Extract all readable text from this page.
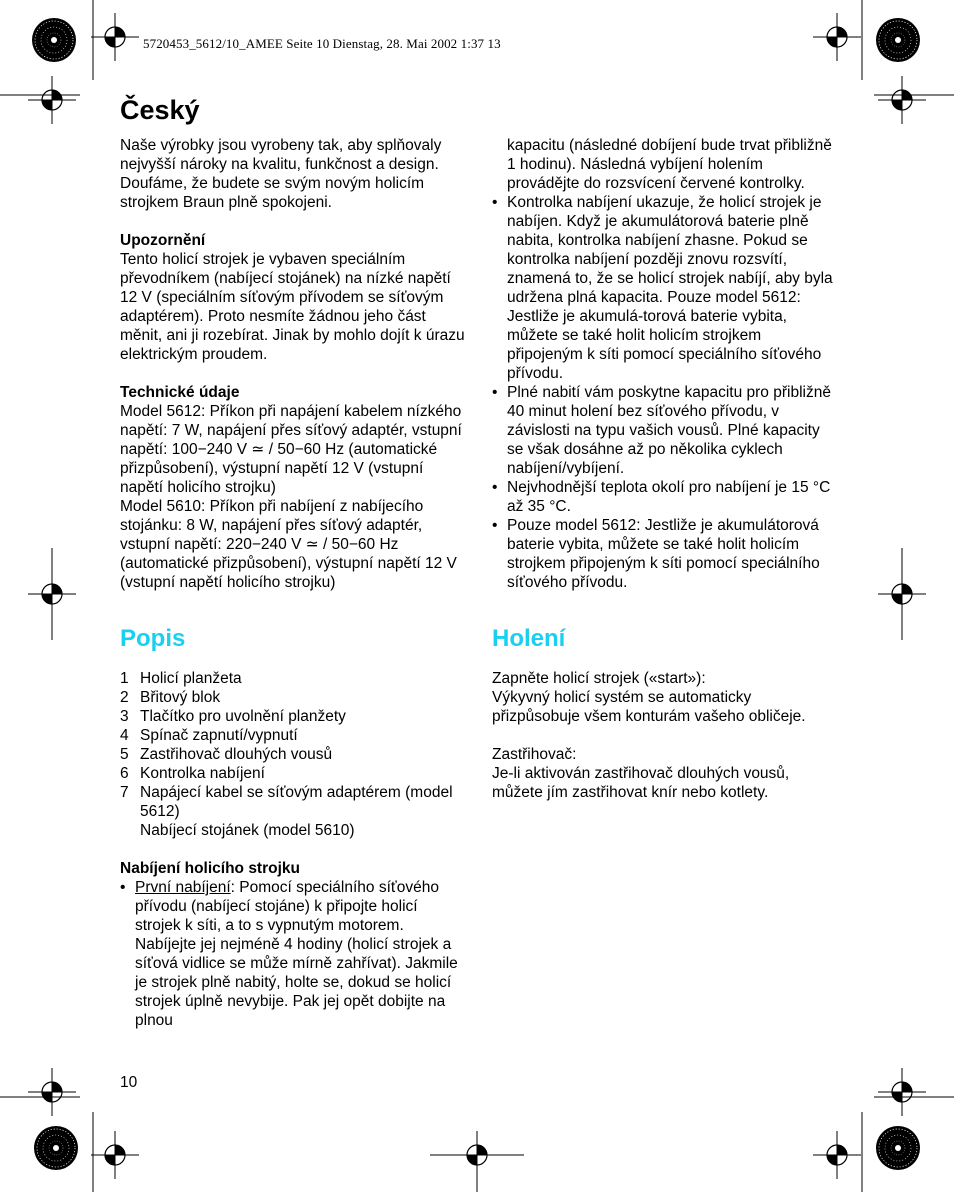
5720453_5612/10_AMEE Seite 10 Dienstag, 28. Mai 2002 1:37 13
Český

Naše výrobky jsou vyrobeny tak, aby splňovaly nejvyšší nároky na kvalitu, funkčnost a design. Doufáme, že budete se svým novým holicím strojkem Braun plně spokojeni.

Upozornění

Tento holicí strojek je vybaven speciálním převodníkem (nabíjecí stojánek) na nízké napětí 12 V (speciálním síťovým přívodem se síťovým adaptérem). Proto nesmíte žádnou jeho část měnit, ani ji rozebírat. Jinak by mohlo dojít k úrazu elektrickým proudem.

Technické údaje

Model 5612: Příkon při napájení kabelem nízkého napětí: 7 W, napájení přes síťový adaptér, vstupní napětí: 100−240 V ≃ / 50−60 Hz (automatické přizpůsobení), výstupní napětí 12 V (vstupní napětí holicího strojku)

Model 5610: Příkon při nabíjení z nabíjecího stojánku: 8 W, napájení přes síťový adaptér, vstupní napětí: 220−240 V ≃ / 50−60 Hz (automatické přizpůsobení), výstupní napětí 12 V (vstupní napětí holicího strojku)

Popis

1 Holicí planžeta
2 Břitový blok
3 Tlačítko pro uvolnění planžety
4 Spínač zapnutí/vypnutí
5 Zastřihovač dlouhých vousů
6 Kontrolka nabíjení
7 Napájecí kabel se síťovým adaptérem (model 5612)
Nabíjecí stojánek (model 5610)

Nabíjení holicího strojku

• První nabíjení: Pomocí speciálního síťového přívodu (nabíjecí stojáne) k připojte holicí strojek k síti, a to s vypnutým motorem. Nabíjejte jej nejméně 4 hodiny (holicí strojek a síťová vidlice se může mírně zahřívat). Jakmile je strojek plně nabitý, holte se, dokud se holicí strojek úplně nevybije. Pak jej opět dobijte na plnou

kapacitu (následné dobíjení bude trvat přibližně 1 hodinu). Následná vybíjení holením provádějte do rozsvícení červené kontrolky.

• Kontrolka nabíjení ukazuje, že holicí strojek je nabíjen. Když je akumulátorová baterie plně nabita, kontrolka nabíjení zhasne. Pokud se kontrolka nabíjení později znovu rozsvítí, znamená to, že se holicí strojek nabíjí, aby byla udržena plná kapacita. Pouze model 5612: Jestliže je akumulá-torová baterie vybita, můžete se také holit holicím strojkem připojeným k síti pomocí speciálního síťového přívodu.
• Plné nabití vám poskytne kapacitu pro přibližně 40 minut holení bez síťového přívodu, v závislosti na typu vašich vousů. Plné kapacity se však dosáhne až po několika cyklech nabíjení/vybíjení.
• Nejvhodnější teplota okolí pro nabíjení je 15 °C až 35 °C.
• Pouze model 5612: Jestliže je akumulátorová baterie vybita, můžete se také holit holicím strojkem připojeným k síti pomocí speciálního síťového přívodu.

Holení

Zapněte holicí strojek («start»):

Výkyvný holicí systém se automaticky přizpůsobuje všem konturám vašeho obličeje.

Zastřihovač:

Je-li aktivován zastřihovač dlouhých vousů, můžete jím zastřihovat knír nebo kotlety.

10
